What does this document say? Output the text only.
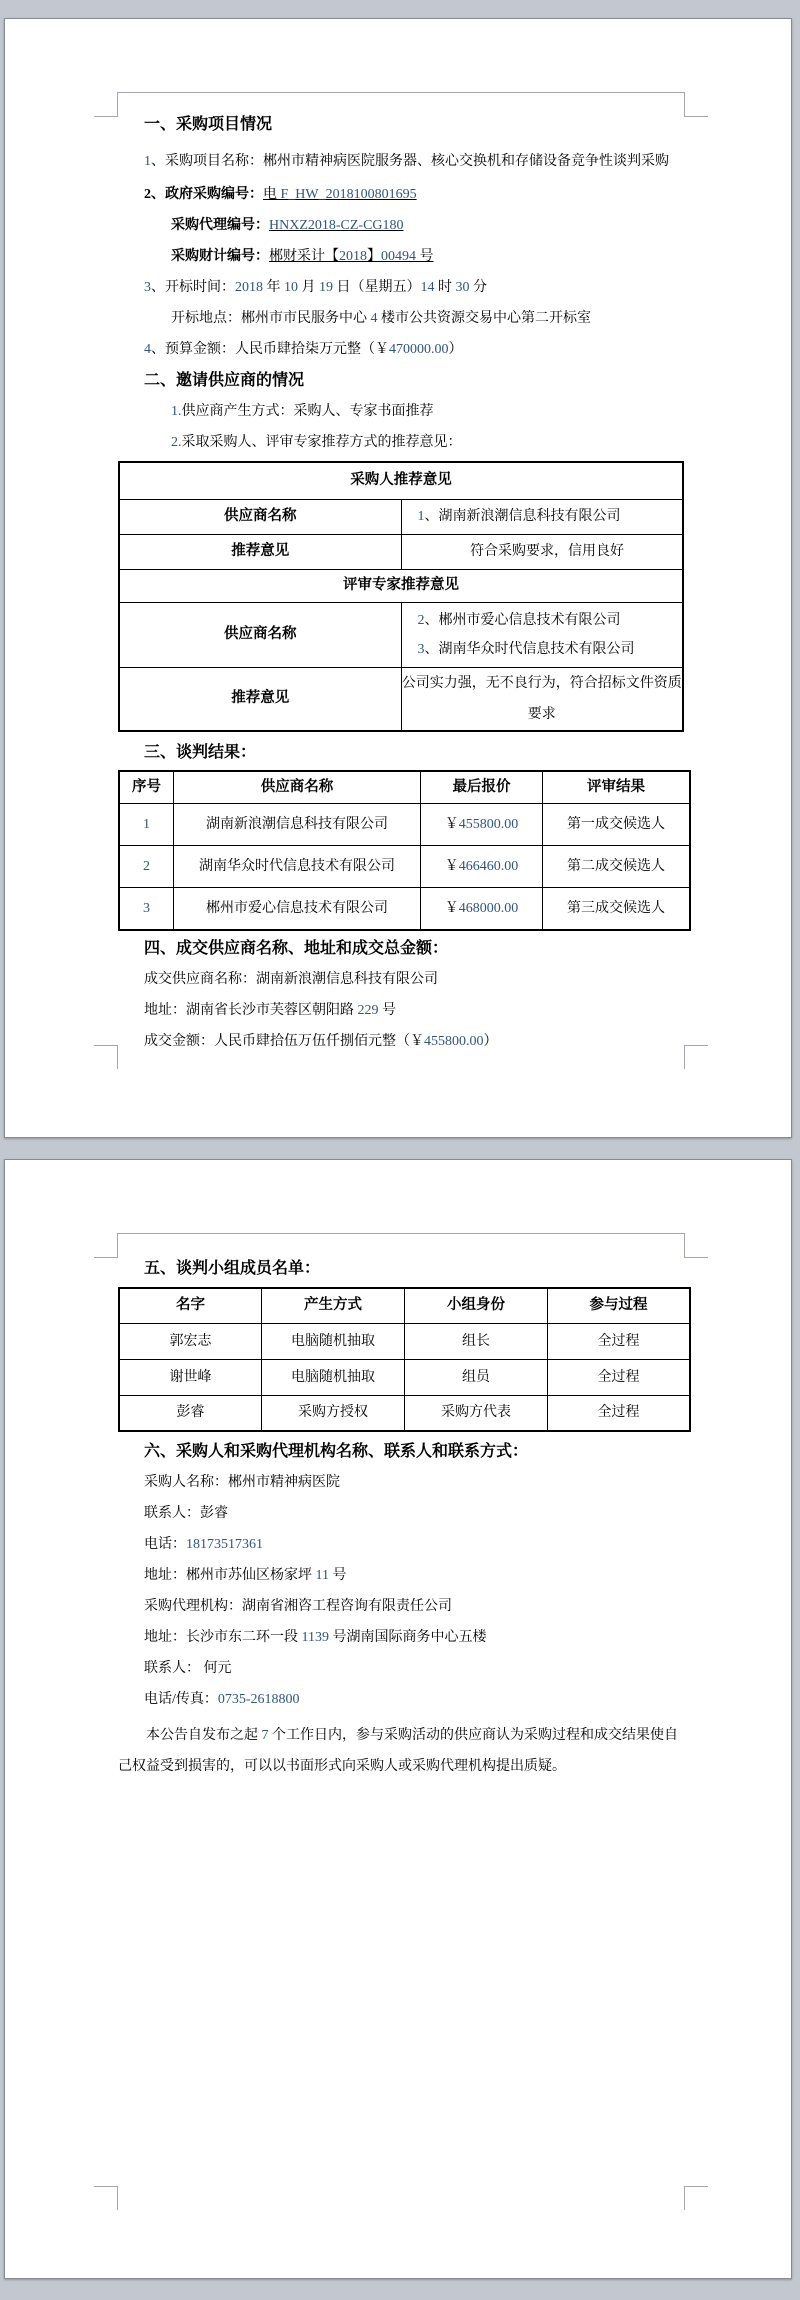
一、采购项目情况

1、采购项目名称：郴州市精神病医院服务器、核心交换机和存储设备竞争性谈判采购

2、政府采购编号：电 F_HW_2018100801695

采购代理编号：HNXZ2018-CZ-CG180

采购财计编号：郴财采计【2018】00494 号

3、开标时间：2018 年 10 月 19 日（星期五）14 时 30 分

开标地点：郴州市市民服务中心 4 楼市公共资源交易中心第二开标室

4、预算金额：人民币肆拾柒万元整（￥470000.00）

二、邀请供应商的情况

1.供应商产生方式：采购人、专家书面推荐

2.采取采购人、评审专家推荐方式的推荐意见：

采购人推荐意见	
供应商名称	1、湖南新浪潮信息科技有限公司
推荐意见	符合采购要求，信用良好
评审专家推荐意见	
供应商名称	2、郴州市爱心信息技术有限公司
3、湖南华众时代信息技术有限公司

推荐意见	公司实力强，无不良行为，符合招标文件资质要求

三、谈判结果：

序号	供应商名称	最后报价	评审结果
1	湖南新浪潮信息科技有限公司	￥455800.00	第一成交候选人
2	湖南华众时代信息技术有限公司	￥466460.00	第二成交候选人
3	郴州市爱心信息技术有限公司	￥468000.00	第三成交候选人

四、成交供应商名称、地址和成交总金额：

成交供应商名称：湖南新浪潮信息科技有限公司

地址：湖南省长沙市芙蓉区朝阳路 229 号

成交金额：人民币肆拾伍万伍仟捌佰元整（￥455800.00）

五、谈判小组成员名单：

名字	产生方式	小组身份	参与过程
郭宏志	电脑随机抽取	组长	全过程
谢世峰	电脑随机抽取	组员	全过程
彭睿	采购方授权	采购方代表	全过程

六、采购人和采购代理机构名称、联系人和联系方式：

采购人名称：郴州市精神病医院

联系人：彭睿

电话：18173517361

地址：郴州市苏仙区杨家坪 11 号

采购代理机构：湖南省湘咨工程咨询有限责任公司

地址：长沙市东二环一段 1139 号湖南国际商务中心五楼

联系人： 何元

电话/传真：0735-2618800

本公告自发布之起 7 个工作日内，参与采购活动的供应商认为采购过程和成交结果使自己权益受到损害的，可以以书面形式向采购人或采购代理机构提出质疑。
